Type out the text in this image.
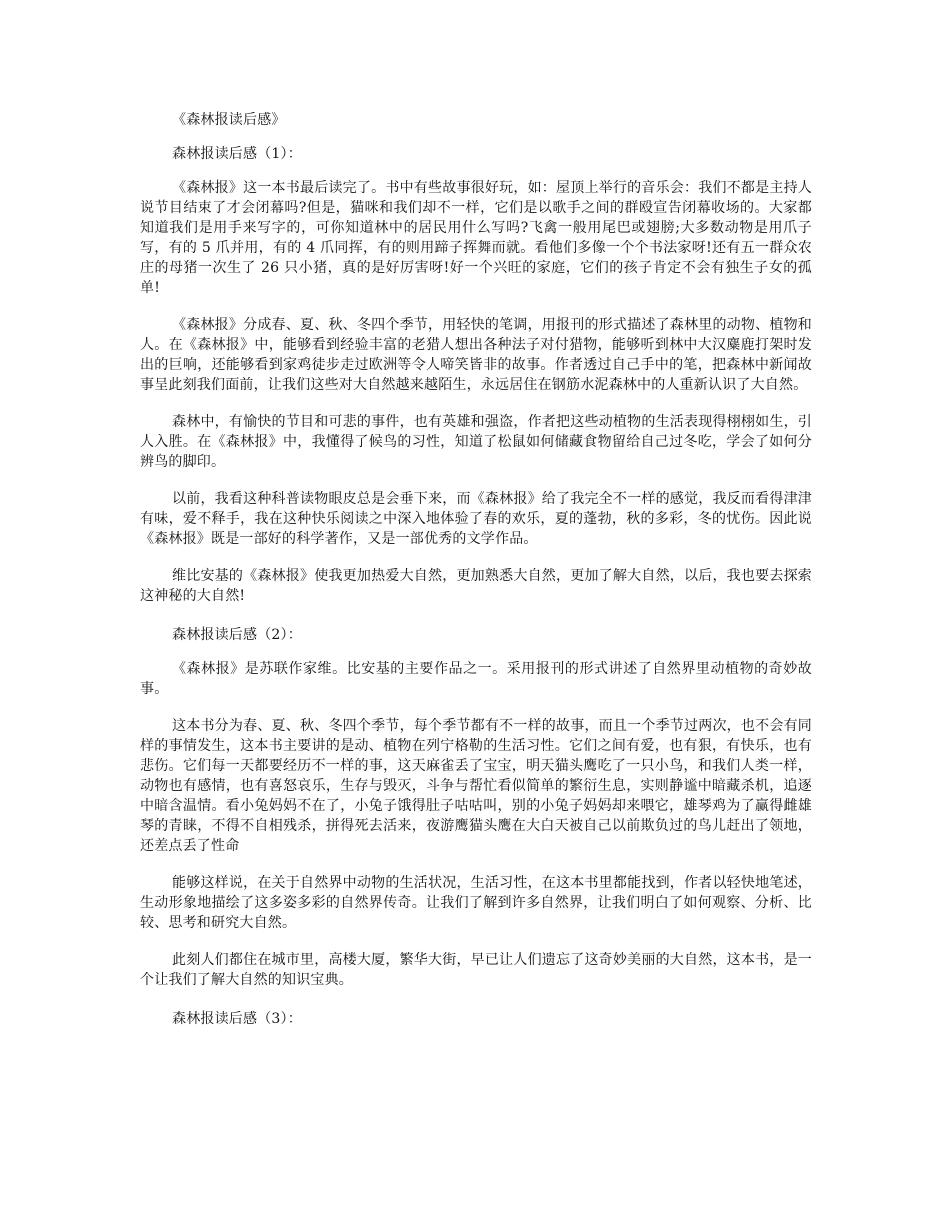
《森林报读后感》
森林报读后感（1）：

《森林报》这一本书最后读完了。书中有些故事很好玩，如：屋顶上举行的音乐会：我们不都是主持人说节目结束了才会闭幕吗?但是，猫咪和我们却不一样，它们是以歌手之间的群殴宣告闭幕收场的。大家都知道我们是用手来写字的，可你知道林中的居民用什么写吗?飞禽一般用尾巴或翅膀;大多数动物是用爪子写，有的 5 爪并用，有的 4 爪同挥，有的则用蹄子挥舞而就。看他们多像一个个书法家呀!还有五一群众农庄的母猪一次生了 26 只小猪，真的是好厉害呀!好一个兴旺的家庭，它们的孩子肯定不会有独生子女的孤单!

《森林报》分成春、夏、秋、冬四个季节，用轻快的笔调，用报刊的形式描述了森林里的动物、植物和人。在《森林报》中，能够看到经验丰富的老猎人想出各种法子对付猎物，能够听到林中大汉麋鹿打架时发出的巨响，还能够看到家鸡徒步走过欧洲等令人啼笑皆非的故事。作者透过自己手中的笔，把森林中新闻故事呈此刻我们面前，让我们这些对大自然越来越陌生，永远居住在钢筋水泥森林中的人重新认识了大自然。

森林中，有愉快的节目和可悲的事件，也有英雄和强盗，作者把这些动植物的生活表现得栩栩如生，引人入胜。在《森林报》中，我懂得了候鸟的习性，知道了松鼠如何储藏食物留给自己过冬吃，学会了如何分辨鸟的脚印。

以前，我看这种科普读物眼皮总是会垂下来，而《森林报》给了我完全不一样的感觉，我反而看得津津有味，爱不释手，我在这种快乐阅读之中深入地体验了春的欢乐，夏的蓬勃，秋的多彩，冬的忧伤。因此说《森林报》既是一部好的科学著作，又是一部优秀的文学作品。

维比安基的《森林报》使我更加热爱大自然，更加熟悉大自然，更加了解大自然，以后，我也要去探索这神秘的大自然!

森林报读后感（2）：

《森林报》是苏联作家维。比安基的主要作品之一。采用报刊的形式讲述了自然界里动植物的奇妙故事。

这本书分为春、夏、秋、冬四个季节，每个季节都有不一样的故事，而且一个季节过两次，也不会有同样的事情发生，这本书主要讲的是动、植物在列宁格勒的生活习性。它们之间有爱，也有狠，有快乐，也有悲伤。它们每一天都要经历不一样的事，这天麻雀丢了宝宝，明天猫头鹰吃了一只小鸟，和我们人类一样，动物也有感情，也有喜怒哀乐，生存与毁灭，斗争与帮忙看似简单的繁衍生息，实则静谧中暗藏杀机，追逐中暗含温情。看小兔妈妈不在了，小兔子饿得肚子咕咕叫，别的小兔子妈妈却来喂它，雄琴鸡为了赢得雌雄琴的青睐，不得不自相残杀，拼得死去活来，夜游鹰猫头鹰在大白天被自己以前欺负过的鸟儿赶出了领地，还差点丢了性命

能够这样说，在关于自然界中动物的生活状况，生活习性，在这本书里都能找到，作者以轻快地笔述，生动形象地描绘了这多姿多彩的自然界传奇。让我们了解到许多自然界，让我们明白了如何观察、分析、比较、思考和研究大自然。

此刻人们都住在城市里，高楼大厦，繁华大街，早已让人们遗忘了这奇妙美丽的大自然，这本书，是一个让我们了解大自然的知识宝典。

森林报读后感（3）：
